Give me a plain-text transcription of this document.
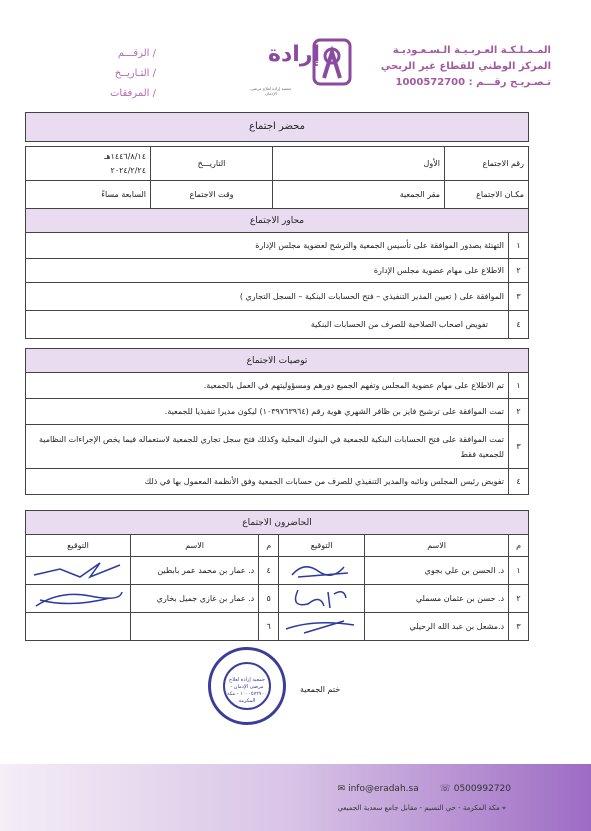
الرقـــم /
التـاريــخ /
المرفقات /
إرادة
جمعية إرادة لعلاج مرضى الإدمان
المـمـلـكـة العـربـيـة الـسـعـوديـة
المركز الوطني للقطاع غير الربحي
تـصـريـح رقـــم : 1000572700
محضر اجتماع
رقم الاجتماع	الأول	التاريـــخ	١٤٤٦/٨/١٤هـ
٢٠٢٤/٢/٢٤

مكـان الاجتماع	مقر الجمعية	وقت الاجتماع	السابعة مساءً
محاور الاجتماع	
١	التهنئة بصدور الموافقة على تأسيس الجمعية والترشح لعضوية مجلس الإدارة
٢	الاطلاع على مهام عضوية مجلس الإدارة
٣	الموافقة على ( تعيين المدير التنفيذي – فتح الحسابات البنكية – السجل التجاري )
٤	تفويض اصحاب الصلاحية للصرف من الحسابات البنكية
توصيات الاجتماع	
١	تم الاطلاع على مهام عضوية المجلس وتفهم الجميع دورهم ومسؤوليتهم في العمل بالجمعية.
٢	تمت الموافقة على ترشيح فايز بن ظافر الشهري هوية رقم (١٠٣٩٧٦٣٩٦٤) ليكون مديرا تنفيذيا للجمعية.
٣	تمت الموافقة على فتح الحسابات البنكية للجمعية في البنوك المحلية وكذلك فتح سجل تجاري للجمعية لاستعماله فيما يخص الإجراءات النظامية للجمعية فقط
٤	تفويض رئيس المجلس ونائبه والمدير التنفيذي للصرف من حسابات الجمعية وفق الأنظمة المعمول بها في ذلك
الحاضرون الاجتماع					
م	الاسم	التوقيع	م	الاسم	التوقيع
١	د. الحسن بن علي بجوي		٤	د. عمار بن محمد عمر بابطين	
٢	د. حسن بن عثمان مسملي		٥	د. عمار بن غازي جميل بخاري	
٣	د.مشعل بن عبد الله الرحيلي		٦		
جمعية إرادة لعلاج مرضى الإدمان - ١٠٠٠٥٧٢٧٠٠ - مكة المكرمة
ختم الجمعية
✉ info@eradah.sa ☏ 0500992720
⌖ مكة المكرمة - حي النسيم - مقابل جامع سعدية الجميعي
